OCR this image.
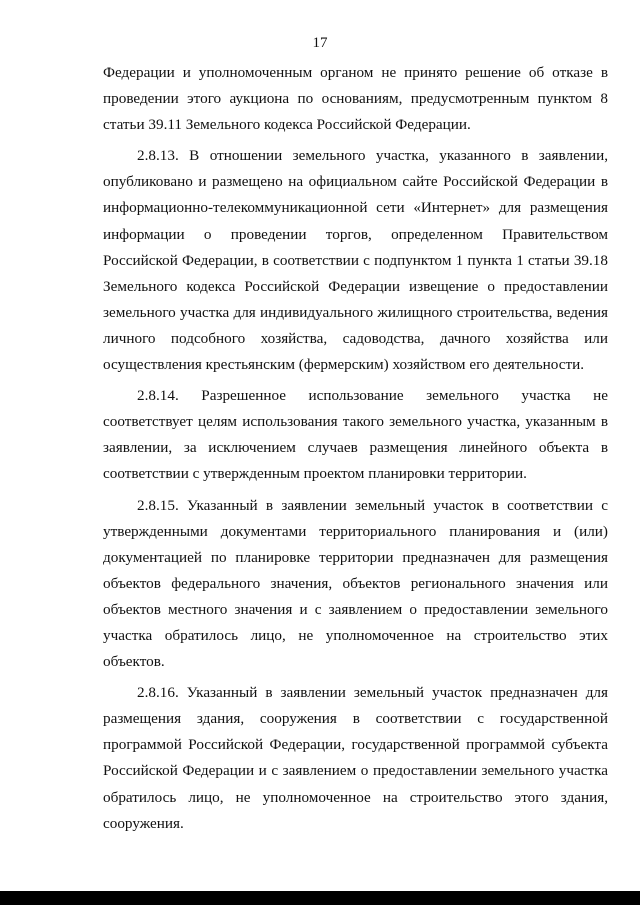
17

Федерации и уполномоченным органом не принято решение об отказе в проведении этого аукциона по основаниям, предусмотренным пунктом 8 статьи 39.11 Земельного кодекса Российской Федерации.

2.8.13. В отношении земельного участка, указанного в заявлении, опубликовано и размещено на официальном сайте Российской Федерации в информационно-телекоммуникационной сети «Интернет» для размещения информации о проведении торгов, определенном Правительством Российской Федерации, в соответствии с подпунктом 1 пункта 1 статьи 39.18 Земельного кодекса Российской Федерации извещение о предоставлении земельного участка для индивидуального жилищного строительства, ведения личного подсобного хозяйства, садоводства, дачного хозяйства или осуществления крестьянским (фермерским) хозяйством его деятельности.

2.8.14. Разрешенное использование земельного участка не соответствует целям использования такого земельного участка, указанным в заявлении, за исключением случаев размещения линейного объекта в соответствии с утвержденным проектом планировки территории.

2.8.15. Указанный в заявлении земельный участок в соответствии с утвержденными документами территориального планирования и (или) документацией по планировке территории предназначен для размещения объектов федерального значения, объектов регионального значения или объектов местного значения и с заявлением о предоставлении земельного участка обратилось лицо, не уполномоченное на строительство этих объектов.

2.8.16. Указанный в заявлении земельный участок предназначен для размещения здания, сооружения в соответствии с государственной программой Российской Федерации, государственной программой субъекта Российской Федерации и с заявлением о предоставлении земельного участка обратилось лицо, не уполномоченное на строительство этого здания, сооружения.
